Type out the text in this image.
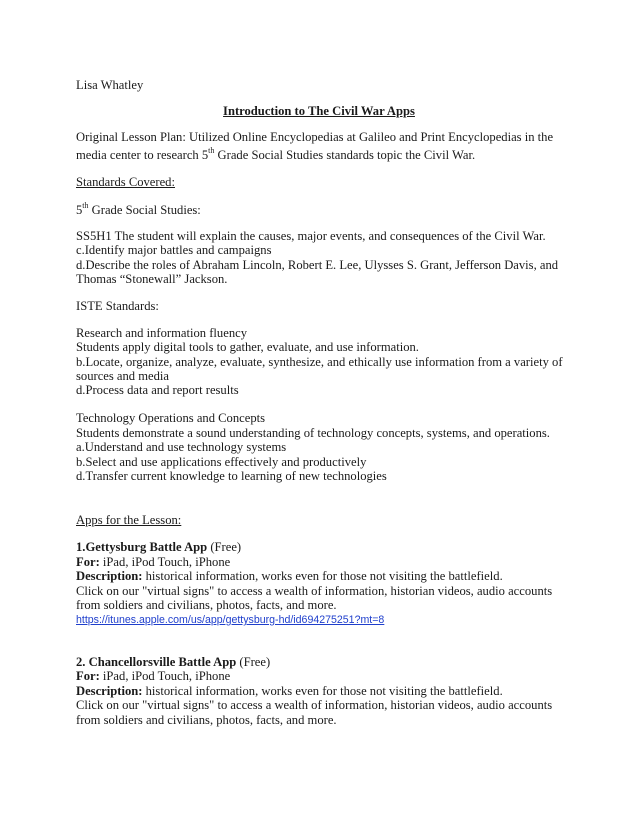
Lisa Whatley
Introduction to The Civil War Apps
Original Lesson Plan: Utilized Online Encyclopedias at Galileo and Print Encyclopedias in the
media center to research 5th Grade Social Studies standards topic the Civil War.
Standards Covered:
5th Grade Social Studies:
SS5H1 The student will explain the causes, major events, and consequences of the Civil War.
c.Identify major battles and campaigns
d.Describe the roles of Abraham Lincoln, Robert E. Lee, Ulysses S. Grant, Jefferson Davis, and
Thomas “Stonewall” Jackson.
ISTE Standards:
Research and information fluency
Students apply digital tools to gather, evaluate, and use information.
b.Locate, organize, analyze, evaluate, synthesize, and ethically use information from a variety of
sources and media
d.Process data and report results
Technology Operations and Concepts
Students demonstrate a sound understanding of technology concepts, systems, and operations.
a.Understand and use technology systems
b.Select and use applications effectively and productively
d.Transfer current knowledge to learning of new technologies
Apps for the Lesson:
1.Gettysburg Battle App (Free)
For: iPad, iPod Touch, iPhone
Description: historical information, works even for those not visiting the battlefield.
Click on our "virtual signs" to access a wealth of information, historian videos, audio accounts
from soldiers and civilians, photos, facts, and more.
https://itunes.apple.com/us/app/gettysburg-hd/id694275251?mt=8
2. Chancellorsville Battle App (Free)
For: iPad, iPod Touch, iPhone
Description: historical information, works even for those not visiting the battlefield.
Click on our "virtual signs" to access a wealth of information, historian videos, audio accounts
from soldiers and civilians, photos, facts, and more.
